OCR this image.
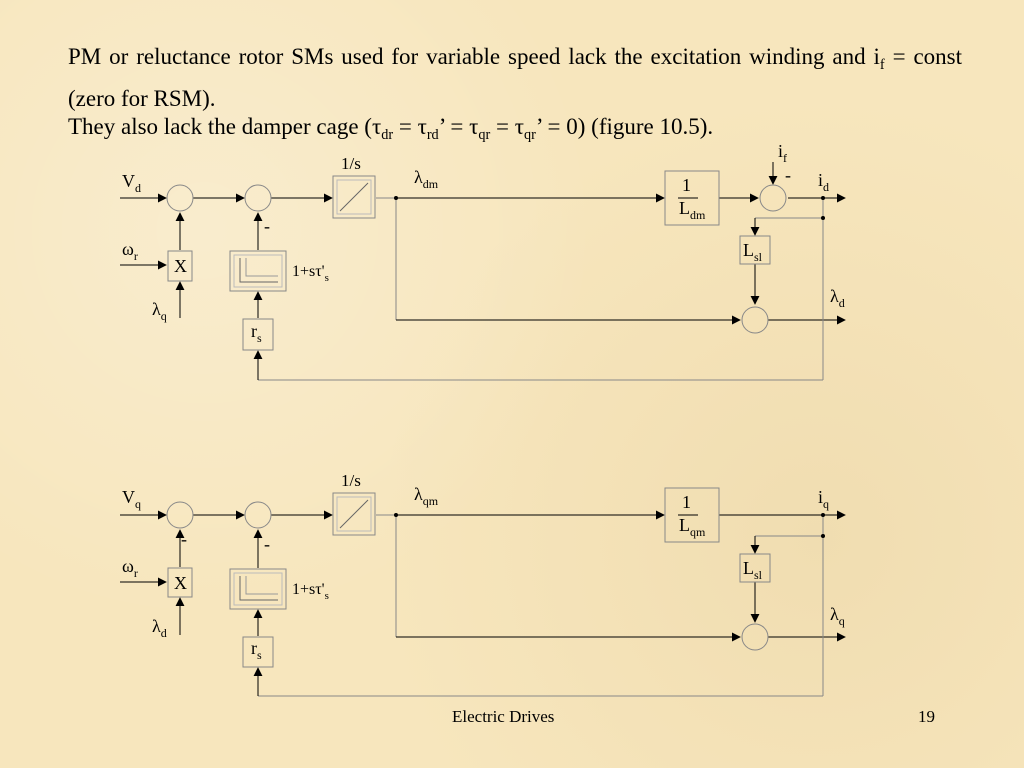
PM or reluctance rotor SMs used for variable speed lack the excitation winding and $i_f$ = const (zero for RSM).

They also lack the damper cage ($\tau_{dr} = \tau_{rd}$’ = $\tau_{qr} = \tau_{qr}$’ = 0) (figure 10.5).

$V_d$
$\omega_r$ X
$\lambda_q$
-
$1+s\tau'_s$
$r_s$
1/s
$\lambda_{dm}$	1
$L_{dm}$
$i_f$
- $i_d$
$L_{sl}$
$\lambda_d$
$V_q$
$\omega_r$ X
$\lambda_d$
-	-
$1+s\tau'_s$
$r_s$
1/s
$\lambda_{qm}$	1
$L_{qm}$
$i_q$
$L_{sl}$
$\lambda_q$
Electric Drives	19
